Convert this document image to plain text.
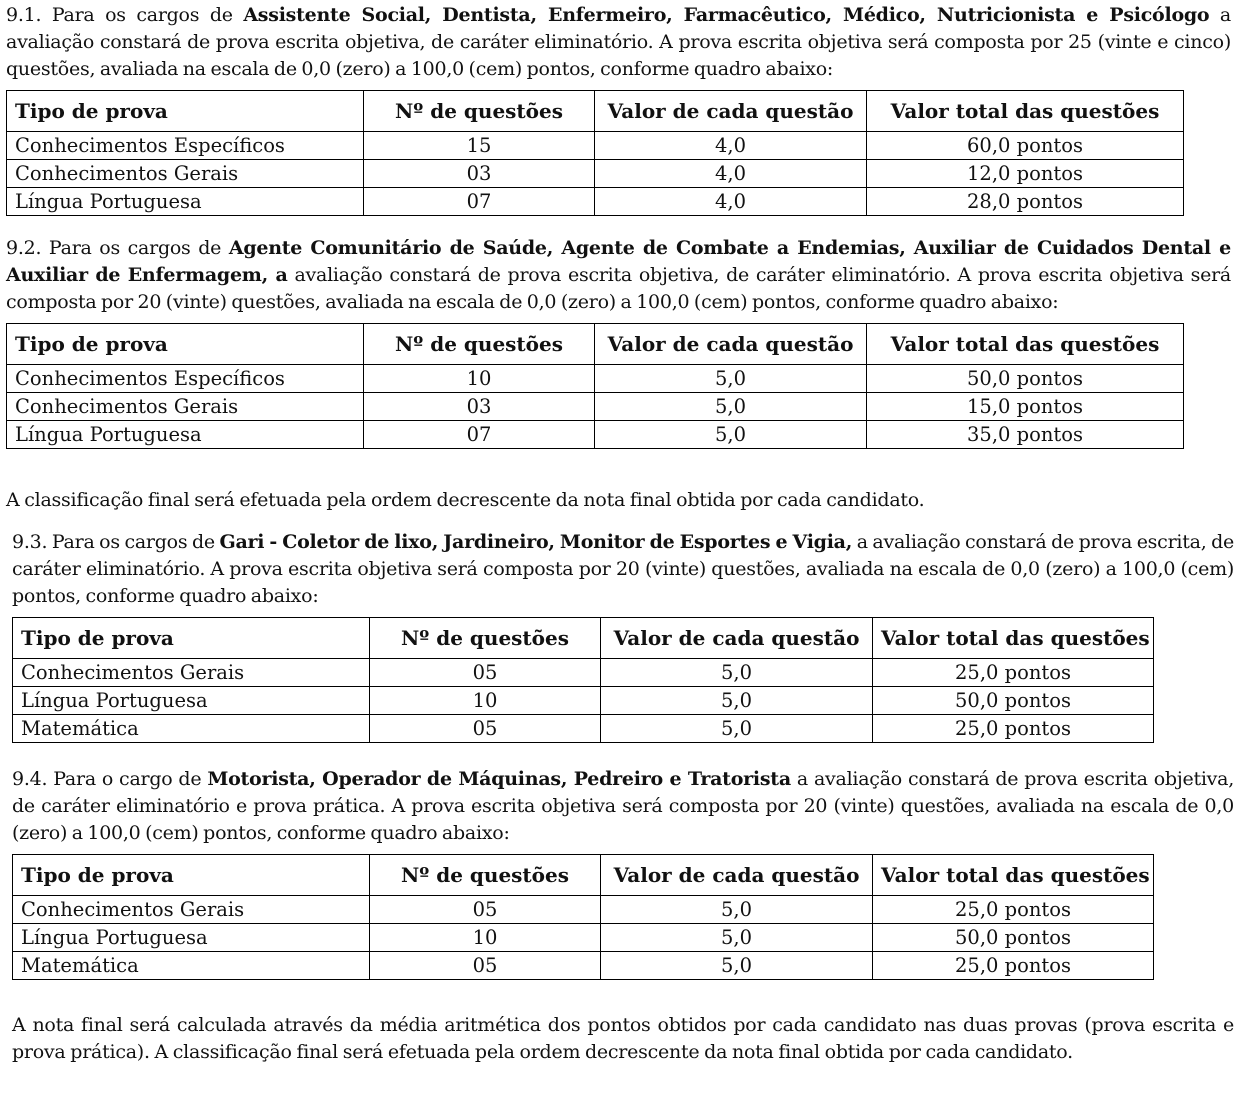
9.1. Para os cargos de Assistente Social, Dentista, Enfermeiro, Farmacêutico, Médico, Nutricionista e Psicólogo a avaliação constará de prova escrita objetiva, de caráter eliminatório. A prova escrita objetiva será composta por 25 (vinte e cinco) questões, avaliada na escala de 0,0 (zero) a 100,0 (cem) pontos, conforme quadro abaixo:

Tipo de prova	Nº de questões	Valor de cada questão	Valor total das questões
Conhecimentos Específicos	15	4,0	60,0 pontos
Conhecimentos Gerais	03	4,0	12,0 pontos
Língua Portuguesa	07	4,0	28,0 pontos

9.2. Para os cargos de Agente Comunitário de Saúde, Agente de Combate a Endemias, Auxiliar de Cuidados Dental e Auxiliar de Enfermagem, a avaliação constará de prova escrita objetiva, de caráter eliminatório. A prova escrita objetiva será composta por 20 (vinte) questões, avaliada na escala de 0,0 (zero) a 100,0 (cem) pontos, conforme quadro abaixo:

Tipo de prova	Nº de questões	Valor de cada questão	Valor total das questões
Conhecimentos Específicos	10	5,0	50,0 pontos
Conhecimentos Gerais	03	5,0	15,0 pontos
Língua Portuguesa	07	5,0	35,0 pontos

A classificação final será efetuada pela ordem decrescente da nota final obtida por cada candidato.

9.3. Para os cargos de Gari - Coletor de lixo, Jardineiro, Monitor de Esportes e Vigia, a avaliação constará de prova escrita, de caráter eliminatório. A prova escrita objetiva será composta por 20 (vinte) questões, avaliada na escala de 0,0 (zero) a 100,0 (cem) pontos, conforme quadro abaixo:

Tipo de prova	Nº de questões	Valor de cada questão	Valor total das questões
Conhecimentos Gerais	05	5,0	25,0 pontos
Língua Portuguesa	10	5,0	50,0 pontos
Matemática	05	5,0	25,0 pontos

9.4. Para o cargo de Motorista, Operador de Máquinas, Pedreiro e Tratorista a avaliação constará de prova escrita objetiva, de caráter eliminatório e prova prática. A prova escrita objetiva será composta por 20 (vinte) questões, avaliada na escala de 0,0 (zero) a 100,0 (cem) pontos, conforme quadro abaixo:

Tipo de prova	Nº de questões	Valor de cada questão	Valor total das questões
Conhecimentos Gerais	05	5,0	25,0 pontos
Língua Portuguesa	10	5,0	50,0 pontos
Matemática	05	5,0	25,0 pontos

A nota final será calculada através da média aritmética dos pontos obtidos por cada candidato nas duas provas (prova escrita e prova prática). A classificação final será efetuada pela ordem decrescente da nota final obtida por cada candidato.
